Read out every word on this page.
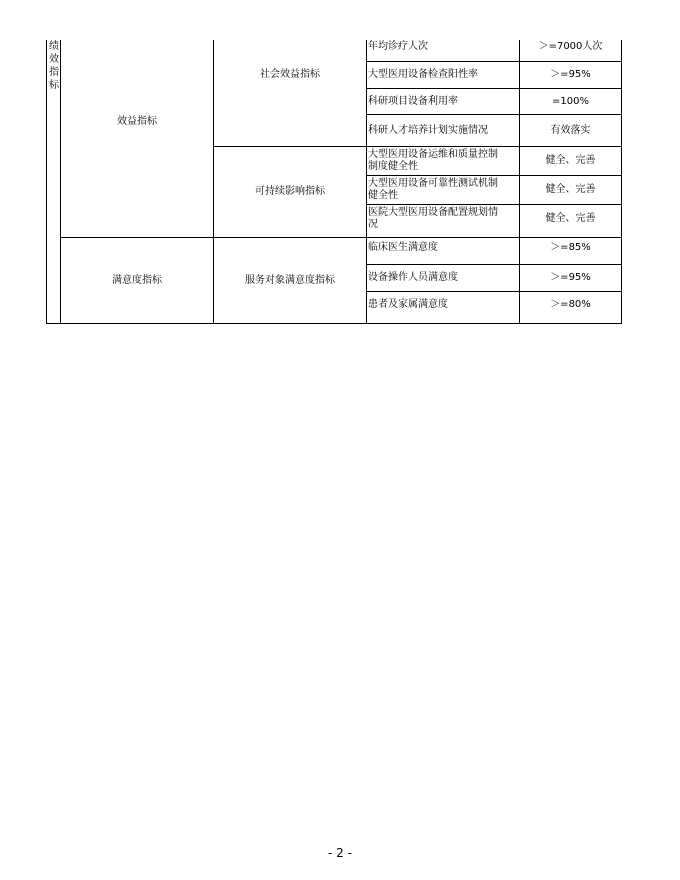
绩效指标
效益指标
满意度指标
社会效益指标
可持续影响指标
服务对象满意度指标
年均诊疗人次
大型医用设备检查阳性率
科研项目设备利用率
科研人才培养计划实施情况
大型医用设备运维和质量控制制度健全性
大型医用设备可靠性测试机制健全性
医院大型医用设备配置规划情况
临床医生满意度
设备操作人员满意度
患者及家属满意度
＞=7000人次
＞=95%
=100%
有效落实
健全、完善
健全、完善
健全、完善
＞=85%
＞=95%
＞=80%
- 2 -
